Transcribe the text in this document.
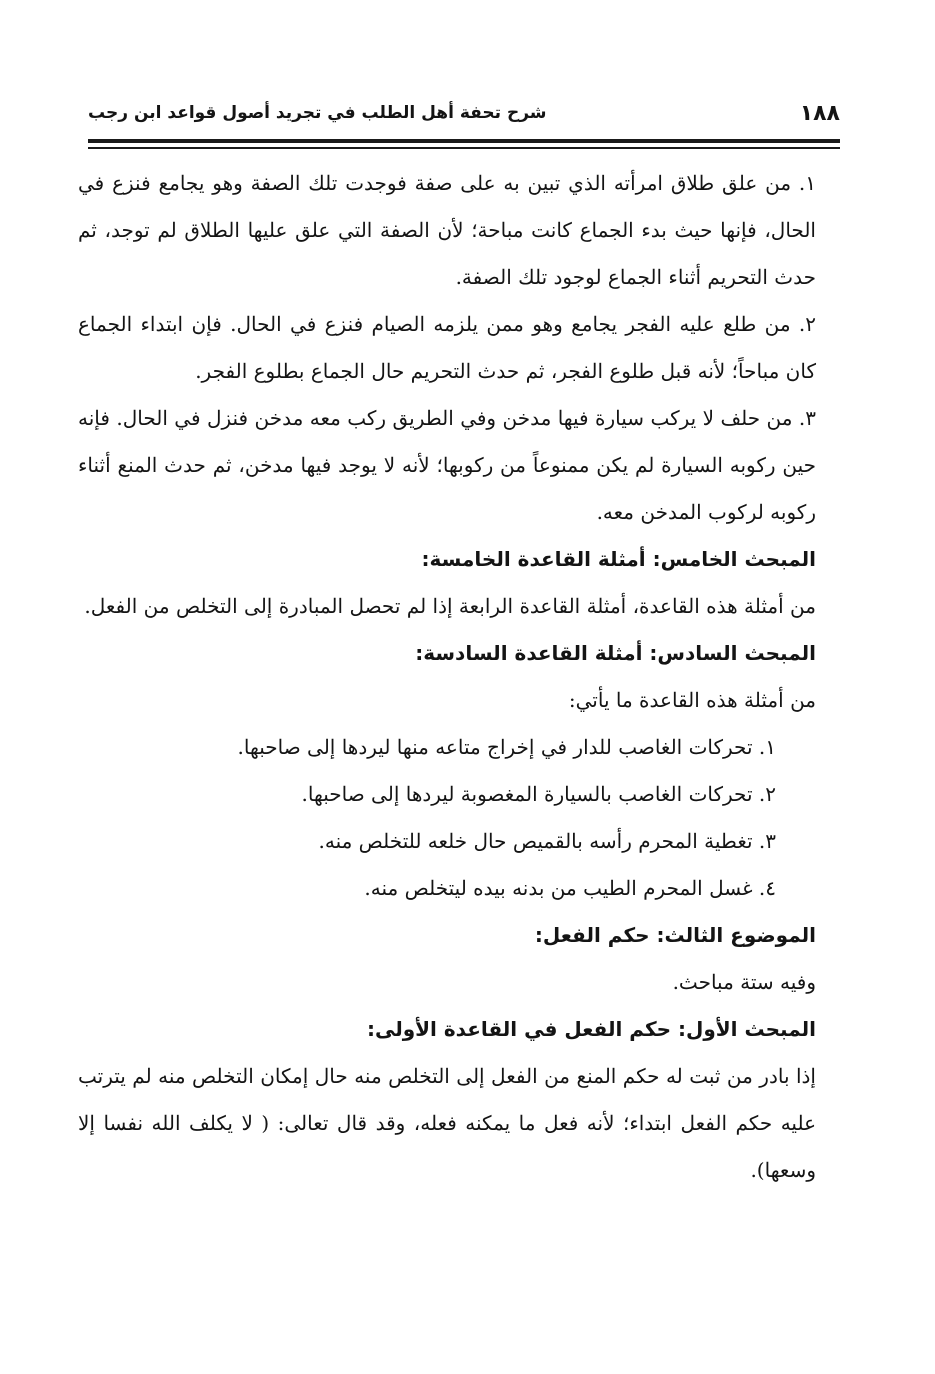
شرح تحفة أهل الطلب في تجريد أصول قواعد ابن رجب	١٨٨

١. من علق طلاق امرأته الذي تبين به على صفة فوجدت تلك الصفة وهو يجامع فنزع في الحال، فإنها حيث بدء الجماع كانت مباحة؛ لأن الصفة التي علق عليها الطلاق لم توجد، ثم حدث التحريم أثناء الجماع لوجود تلك الصفة.

٢. من طلع عليه الفجر يجامع وهو ممن يلزمه الصيام فنزع في الحال. فإن ابتداء الجماع كان مباحاً؛ لأنه قبل طلوع الفجر، ثم حدث التحريم حال الجماع بطلوع الفجر.

٣. من حلف لا يركب سيارة فيها مدخن وفي الطريق ركب معه مدخن فنزل في الحال. فإنه حين ركوبه السيارة لم يكن ممنوعاً من ركوبها؛ لأنه لا يوجد فيها مدخن، ثم حدث المنع أثناء ركوبه لركوب المدخن معه.

المبحث الخامس: أمثلة القاعدة الخامسة:

من أمثلة هذه القاعدة، أمثلة القاعدة الرابعة إذا لم تحصل المبادرة إلى التخلص من الفعل.

المبحث السادس: أمثلة القاعدة السادسة:

من أمثلة هذه القاعدة ما يأتي:

١. تحركات الغاصب للدار في إخراج متاعه منها ليردها إلى صاحبها.

٢. تحركات الغاصب بالسيارة المغصوبة ليردها إلى صاحبها.

٣. تغطية المحرم رأسه بالقميص حال خلعه للتخلص منه.

٤. غسل المحرم الطيب من بدنه بيده ليتخلص منه.

الموضوع الثالث: حكم الفعل:

وفيه ستة مباحث.

المبحث الأول: حكم الفعل في القاعدة الأولى:

إذا بادر من ثبت له حكم المنع من الفعل إلى التخلص منه حال إمكان التخلص منه لم يترتب عليه حكم الفعل ابتداء؛ لأنه فعل ما يمكنه فعله، وقد قال تعالى: ( لا يكلف الله نفسا إلا وسعها).
